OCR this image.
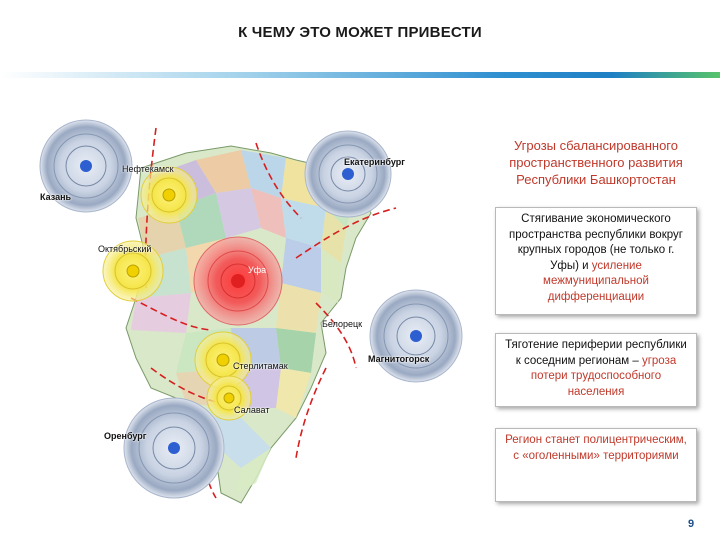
К ЧЕМУ ЭТО МОЖЕТ ПРИВЕСТИ
Казань
Нефтекамск
Екатеринбург
Октябрьский
Уфа
Белорецк
Магнитогорск
Стерлитамак
Салават
Оренбург
Угрозы сбалансированного пространственного развития Республики Башкортостан
Стягивание экономического пространства республики вокруг крупных городов (не только г. Уфы) и усиление межмуниципальной дифференциации
Тяготение периферии республики к соседним регионам – угроза потери трудоспособного населения
Регион станет полицентрическим, с «оголенными» территориями
9
